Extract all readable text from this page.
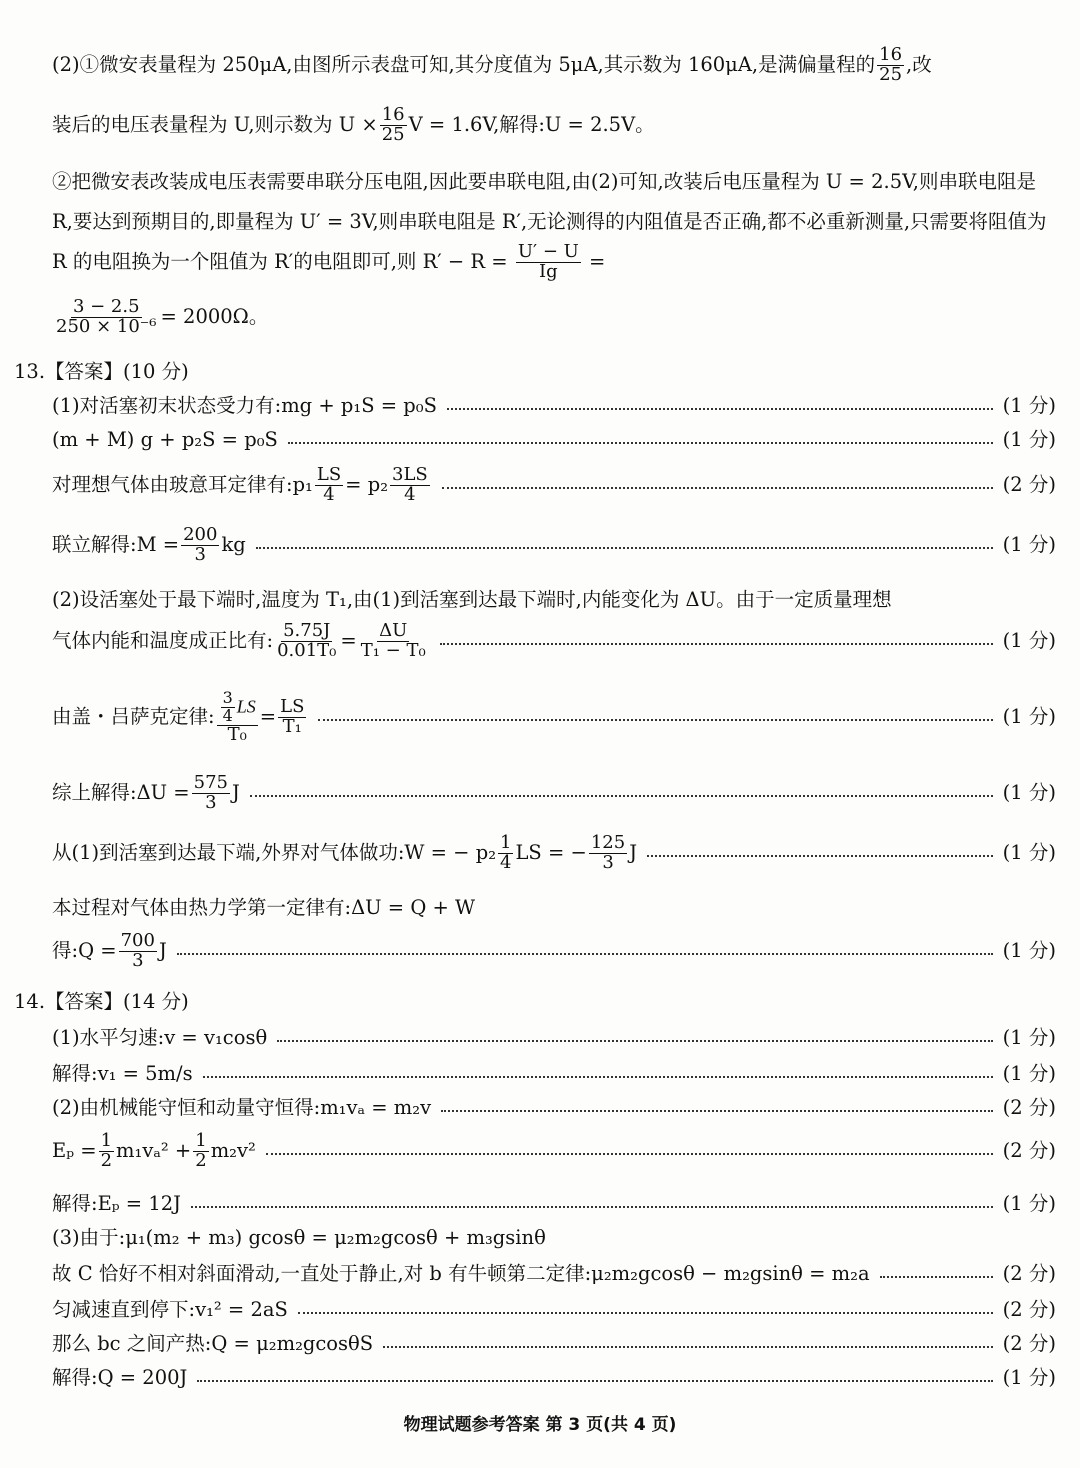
(2)①微安表量程为 250μA,由图所示表盘可知,其分度值为 5μA,其示数为 160μA,是满偏量程的 $\frac{16}{25}$ ,改
装后的电压表量程为 U,则示数为 $U \times \frac{16}{25}$ V = 1.6V,解得:U = 2.5V。
②把微安表改装成电压表需要串联分压电阻,因此要串联电阻,由(2)可知,改装后电压量程为 U = 2.5V,则串联电阻是 R,要达到预期目的,即量程为 U′ = 3V,则串联电阻是 R′,无论测得的内阻值是否正确,都不必重新测量,只需要将阻值为 R 的电阻换为一个阻值为 R′的电阻即可,则 $R' - R = \frac{U' - U}{Ig}$ =
$\frac{3 - 2.5}{\text{250 × 10⁻⁶}} = 2000\Omega$。
13.【答案】(10 分)
(1)对活塞初末状态受力有:mg + p₁S = p₀S	(1 分)
(m + M) g + p₂S = p₀S	(1 分)
对理想气体由玻意耳定律有:p₁ $\frac{LS}{4} = p_2 \frac{3LS}{4}$	(2 分)
联立解得:M = $\frac{200}{3}$ kg	(1 分)
(2)设活塞处于最下端时,温度为 T₁,由(1)到活塞到达最下端时,内能变化为 ΔU。由于一定质量理想
气体内能和温度成正比有: $\frac{5.75J}{\text{0.01T₀}} = \frac{\Delta U}{\text{T₁ − T₀}}$	(1 分)
由盖・吕萨克定律: $\frac{\frac{3}{4} LS}{\text{T₀}} = \frac{LS}{\text{T₁}}$	(1 分)
综上解得:ΔU = $\frac{575}{3}$ J	(1 分)
从(1)到活塞到达最下端,外界对气体做功:W = − $p_2 \frac{1}{4}$ LS = − $\frac{125}{3}$ J	(1 分)
本过程对气体由热力学第一定律有:ΔU = Q + W
得:Q = $\frac{700}{3}$ J	(1 分)
14.【答案】(14 分)
(1)水平匀速:v = v₁cosθ	(1 分)
解得:v₁ = 5m/s	(1 分)
(2)由机械能守恒和动量守恒得:m₁vₐ = m₂v	(2 分)
$E_p = \frac{1}{2} m_1v_a^2 + \frac{1}{2} m_2v^2$	(2 分)
解得:Eₚ = 12J	(1 分)
(3)由于:μ₁(m₂ + m₃) gcosθ = μ₂m₂gcosθ + m₃gsinθ
故 C 恰好不相对斜面滑动,一直处于静止,对 b 有牛顿第二定律:μ₂m₂gcosθ − m₂gsinθ = m₂a	(2 分)
匀减速直到停下:v₁² = 2aS	(2 分)
那么 bc 之间产热:Q = μ₂m₂gcosθS	(2 分)
解得:Q = 200J	(1 分)
物理试题参考答案 第 3 页(共 4 页)
